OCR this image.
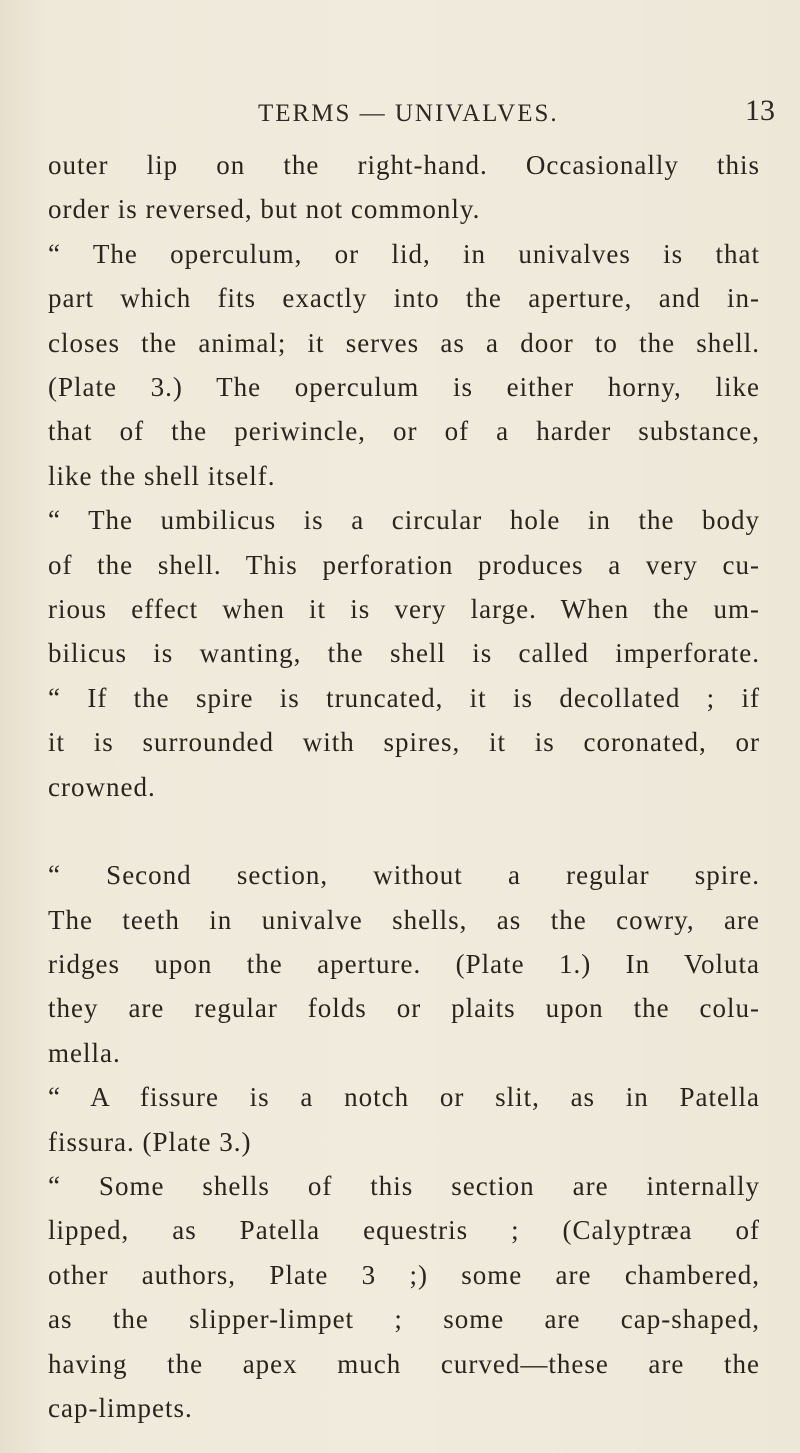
TERMS — UNIVALVES.	13

outer lip on the right-hand. Occasionally this

order is reversed, but not commonly.

“ The operculum, or lid, in univalves is that

part which fits exactly into the aperture, and in-

closes the animal; it serves as a door to the shell.

(Plate 3.) The operculum is either horny, like

that of the periwincle, or of a harder substance,

like the shell itself.

“ The umbilicus is a circular hole in the body

of the shell. This perforation produces a very cu-

rious effect when it is very large. When the um-

bilicus is wanting, the shell is called imperforate.

“ If the spire is truncated, it is decollated ; if

it is surrounded with spires, it is coronated, or

crowned.

“ Second section, without a regular spire.

The teeth in univalve shells, as the cowry, are

ridges upon the aperture. (Plate 1.) In Voluta

they are regular folds or plaits upon the colu-

mella.

“ A fissure is a notch or slit, as in Patella

fissura. (Plate 3.)

“ Some shells of this section are internally

lipped, as Patella equestris ; (Calyptræa of

other authors, Plate 3 ;) some are chambered,

as the slipper-limpet ; some are cap-shaped,

having the apex much curved—these are the

cap-limpets.
